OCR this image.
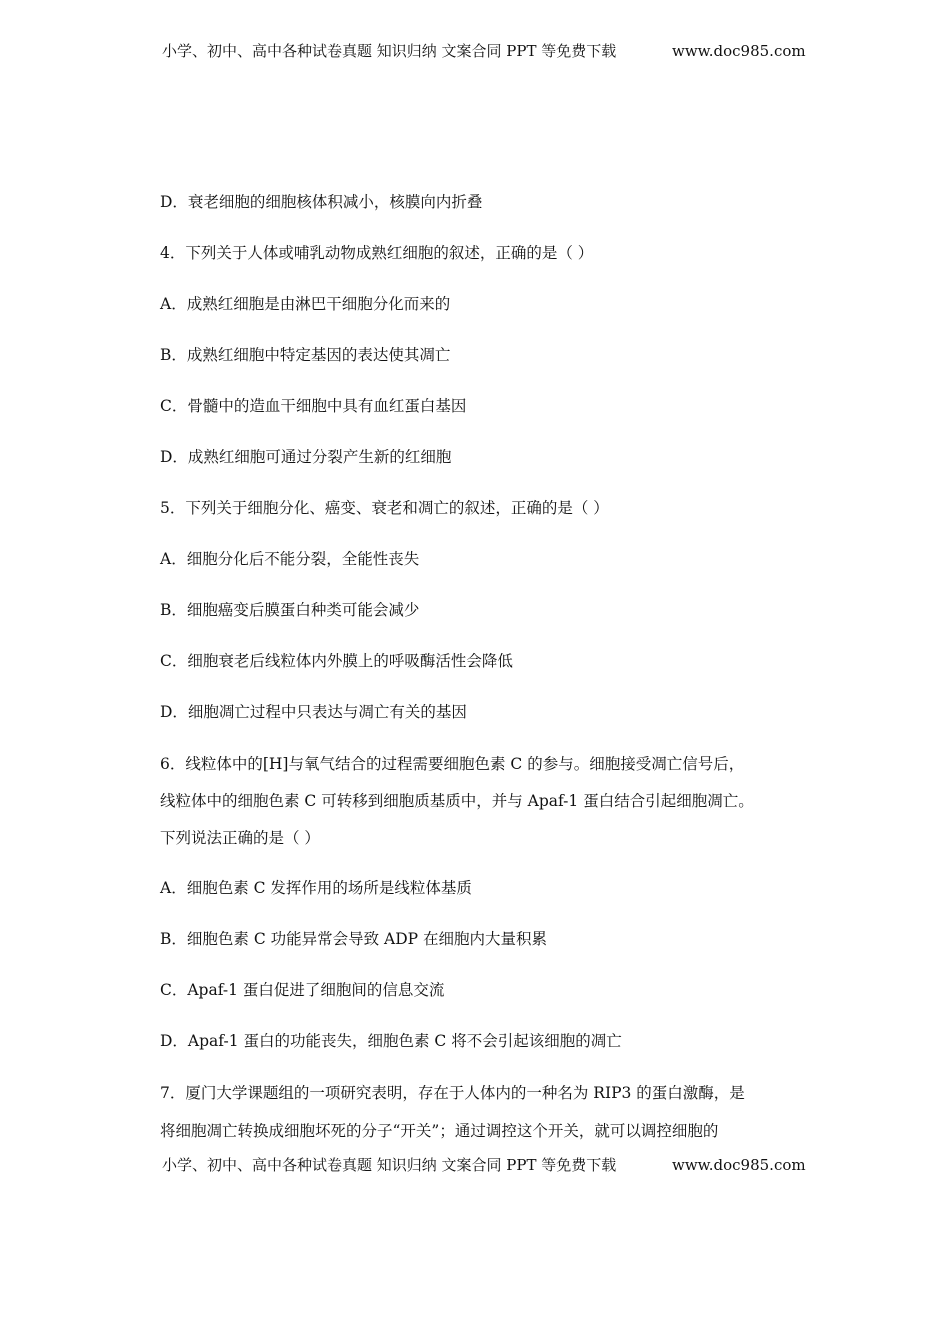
小学、初中、高中各种试卷真题 知识归纳 文案合同 PPT 等免费下载	www.doc985.com
D．衰老细胞的细胞核体积减小，核膜向内折叠
4．下列关于人体或哺乳动物成熟红细胞的叙述，正确的是（ ）
A．成熟红细胞是由淋巴干细胞分化而来的
B．成熟红细胞中特定基因的表达使其凋亡
C．骨髓中的造血干细胞中具有血红蛋白基因
D．成熟红细胞可通过分裂产生新的红细胞
5．下列关于细胞分化、癌变、衰老和凋亡的叙述，正确的是（ ）
A．细胞分化后不能分裂，全能性丧失
B．细胞癌变后膜蛋白种类可能会减少
C．细胞衰老后线粒体内外膜上的呼吸酶活性会降低
D．细胞凋亡过程中只表达与凋亡有关的基因
6．线粒体中的[H]与氧气结合的过程需要细胞色素 C 的参与。细胞接受凋亡信号后，
线粒体中的细胞色素 C 可转移到细胞质基质中，并与 Apaf-1 蛋白结合引起细胞凋亡。
下列说法正确的是（ ）
A．细胞色素 C 发挥作用的场所是线粒体基质
B．细胞色素 C 功能异常会导致 ADP 在细胞内大量积累
C．Apaf-1 蛋白促进了细胞间的信息交流
D．Apaf-1 蛋白的功能丧失，细胞色素 C 将不会引起该细胞的凋亡
7．厦门大学课题组的一项研究表明，存在于人体内的一种名为 RIP3 的蛋白激酶，是
将细胞凋亡转换成细胞坏死的分子“开关”；通过调控这个开关，就可以调控细胞的
小学、初中、高中各种试卷真题 知识归纳 文案合同 PPT 等免费下载	www.doc985.com
